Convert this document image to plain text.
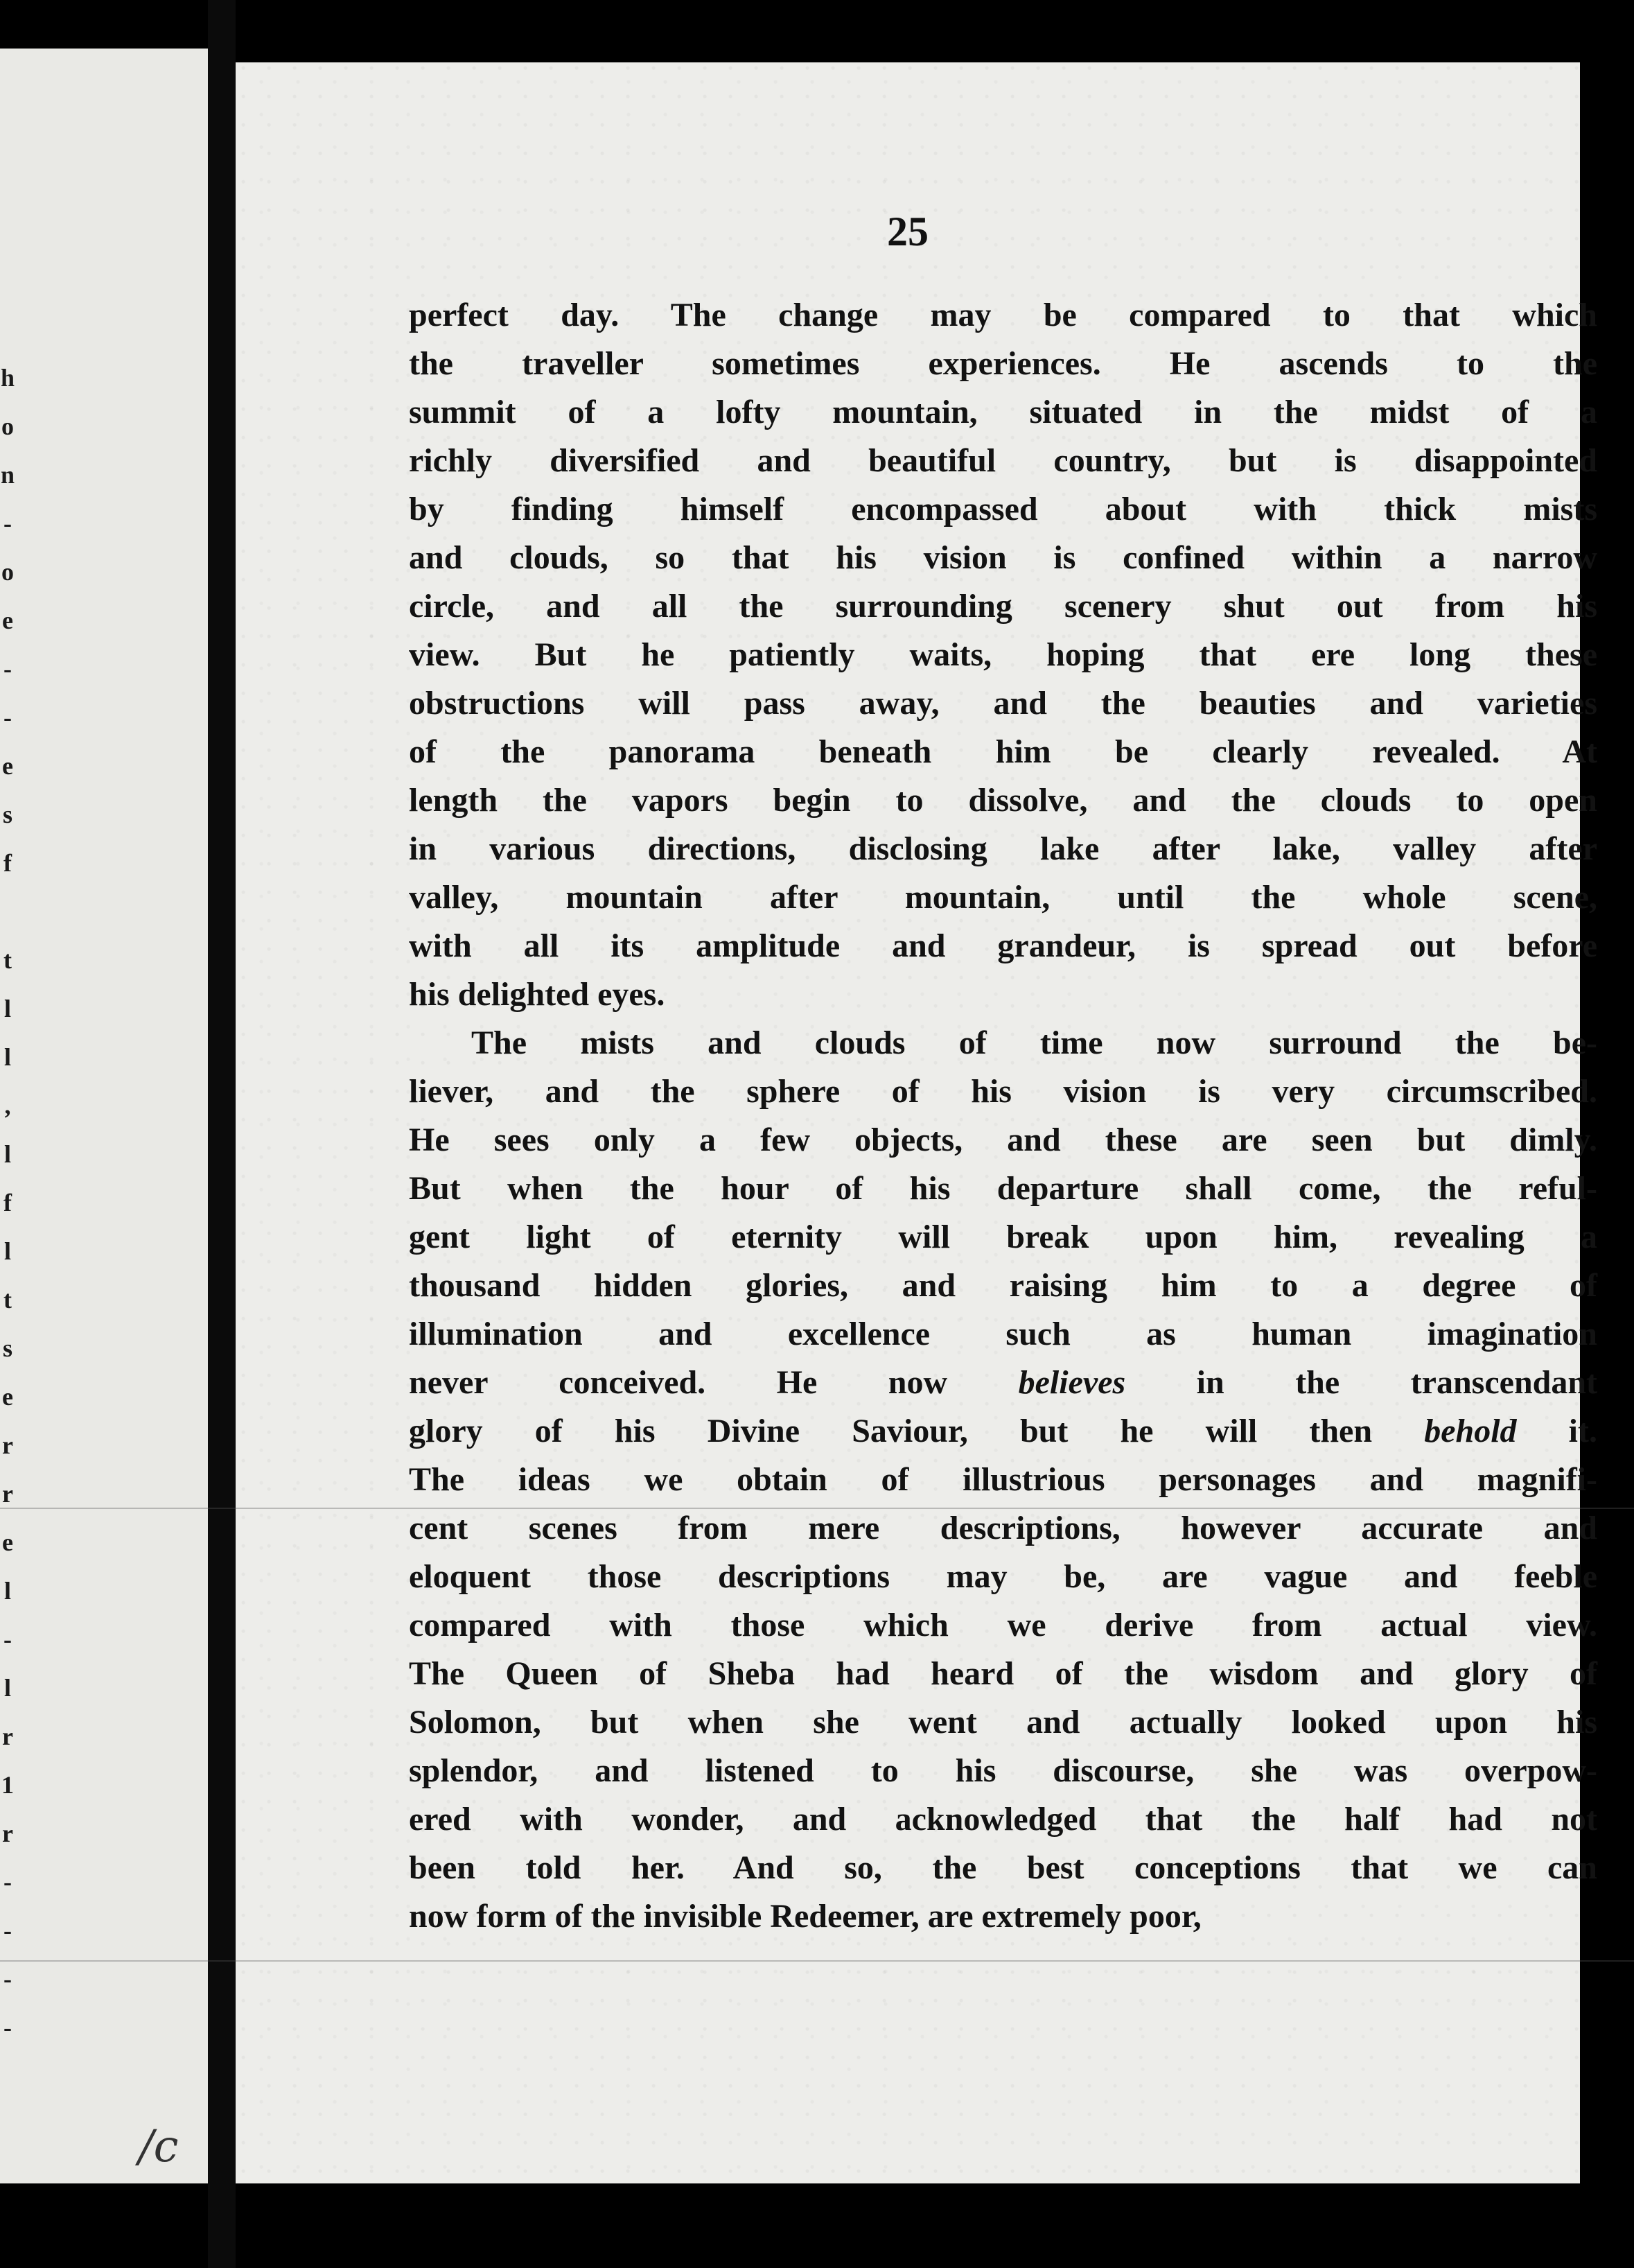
h
o
n
-
o
e
-
-
e
s
f

t
l
l
,
l
f
l
t
s
e
r
r
e
l
-
l
r
1
r
-
-
-
-
/c
25
perfect day. The change may be compared to that which
the traveller sometimes experiences. He ascends to the
summit of a lofty mountain, situated in the midst of a
richly diversified and beautiful country, but is disappointed
by finding himself encompassed about with thick mists
and clouds, so that his vision is confined within a narrow
circle, and all the surrounding scenery shut out from his
view. But he patiently waits, hoping that ere long these
obstructions will pass away, and the beauties and varieties
of the panorama beneath him be clearly revealed. At
length the vapors begin to dissolve, and the clouds to open
in various directions, disclosing lake after lake, valley after
valley, mountain after mountain, until the whole scene,
with all its amplitude and grandeur, is spread out before
his delighted eyes.
The mists and clouds of time now surround the be-
liever, and the sphere of his vision is very circumscribed.
He sees only a few objects, and these are seen but dimly.
But when the hour of his departure shall come, the reful-
gent light of eternity will break upon him, revealing a
thousand hidden glories, and raising him to a degree of
illumination and excellence such as human imagination
never conceived. He now believes in the transcendant
glory of his Divine Saviour, but he will then behold it.
The ideas we obtain of illustrious personages and magnifi-
cent scenes from mere descriptions, however accurate and
eloquent those descriptions may be, are vague and feeble
compared with those which we derive from actual view.
The Queen of Sheba had heard of the wisdom and glory of
Solomon, but when she went and actually looked upon his
splendor, and listened to his discourse, she was overpow-
ered with wonder, and acknowledged that the half had not
been told her. And so, the best conceptions that we can
now form of the invisible Redeemer, are extremely poor,
